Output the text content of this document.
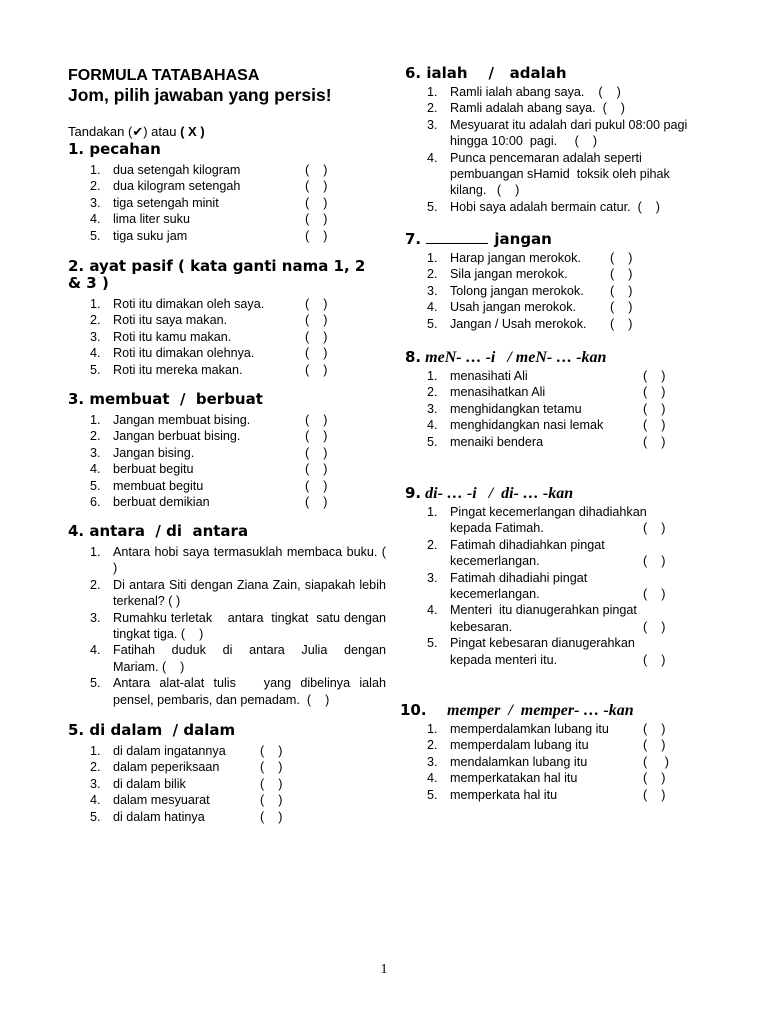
FORMULA TATABAHASA
Jom, pilih jawaban yang persis!
Tandakan (✔) atau ( X )
1. pecahan
1. dua setengah kilogram	(    )
2. dua kilogram setengah	(    )
3. tiga setengah minit	(    )
4. lima liter suku	(    )
5. tiga suku jam	(    )
2. ayat pasif ( kata ganti nama 1, 2
& 3 )
1. Roti itu dimakan oleh saya.	(    )
2. Roti itu saya makan.	(    )
3. Roti itu kamu makan.	(    )
4. Roti itu dimakan olehnya.	(    )
5. Roti itu mereka makan.	(    )
3. membuat  /  berbuat
1. Jangan membuat bising.	(    )
2. Jangan berbuat bising.	(    )
3. Jangan bising.	(    )
4. berbuat begitu	(    )
5. membuat begitu	(    )
6. berbuat demikian	(    )
4. antara  / di  antara
1. Antara hobi saya termasuklah membaca buku. ( )
2. Di antara Siti dengan Ziana Zain, siapakah lebih terkenal? ( )
3. Rumahku terletak    antara  tingkat  satu dengan tingkat tiga. (    )
4. Fatihah  duduk  di  antara  Julia  dengan Mariam. (    )
5. Antara alat-alat tulis   yang dibelinya ialah pensel, pembaris, dan pemadam.  (    )
5. di dalam  / dalam
1. di dalam ingatannya	(    )
2. dalam peperiksaan	(    )
3. di dalam bilik	(    )
4. dalam mesyuarat	(    )
5. di dalam hatinya	(    )
6. ialah    /   adalah
1. Ramli ialah abang saya.    (    )
2. Ramli adalah abang saya.  (    )
3. Mesyuarat itu adalah dari pukul 08:00 pagi hingga 10:00  pagi.     (    )
4. Punca pencemaran adalah seperti pembuangan sHamid  toksik oleh pihak kilang.   (    )
5. Hobi saya adalah bermain catur.  (    )
7.	jangan
1. Harap jangan merokok. (    )
2. Sila jangan merokok.	(    )
3. Tolong jangan merokok. (    )
4. Usah jangan merokok.	(    )
5. Jangan / Usah merokok. (    )
8. meN- … -i   / meN- … -kan
1. menasihati Ali	(    )
2. menasihatkan Ali	(    )
3. menghidangkan tetamu	(    )
4. menghidangkan nasi lemak	(    )
5. menaiki bendera	(    )
9. di- … -i   /  di- … -kan
1. Pingat kecemerlangan dihadiahkan
kepada Fatimah.	(    )
2. Fatimah dihadiahkan pingat
kecemerlangan.	(    )
3. Fatimah dihadiahi pingat
kecemerlangan.	(    )
4. Menteri  itu dianugerahkan pingat
kebesaran.	(    )
5. Pingat kebesaran dianugerahkan
kepada menteri itu.	(    )
10. memper  /  memper- … -kan
1. memperdalamkan lubang itu	(    )
2. memperdalam lubang itu	(    )
3. mendalamkan lubang itu	(     )
4. memperkatakan hal itu	(    )
5. memperkata hal itu	(    )
1
